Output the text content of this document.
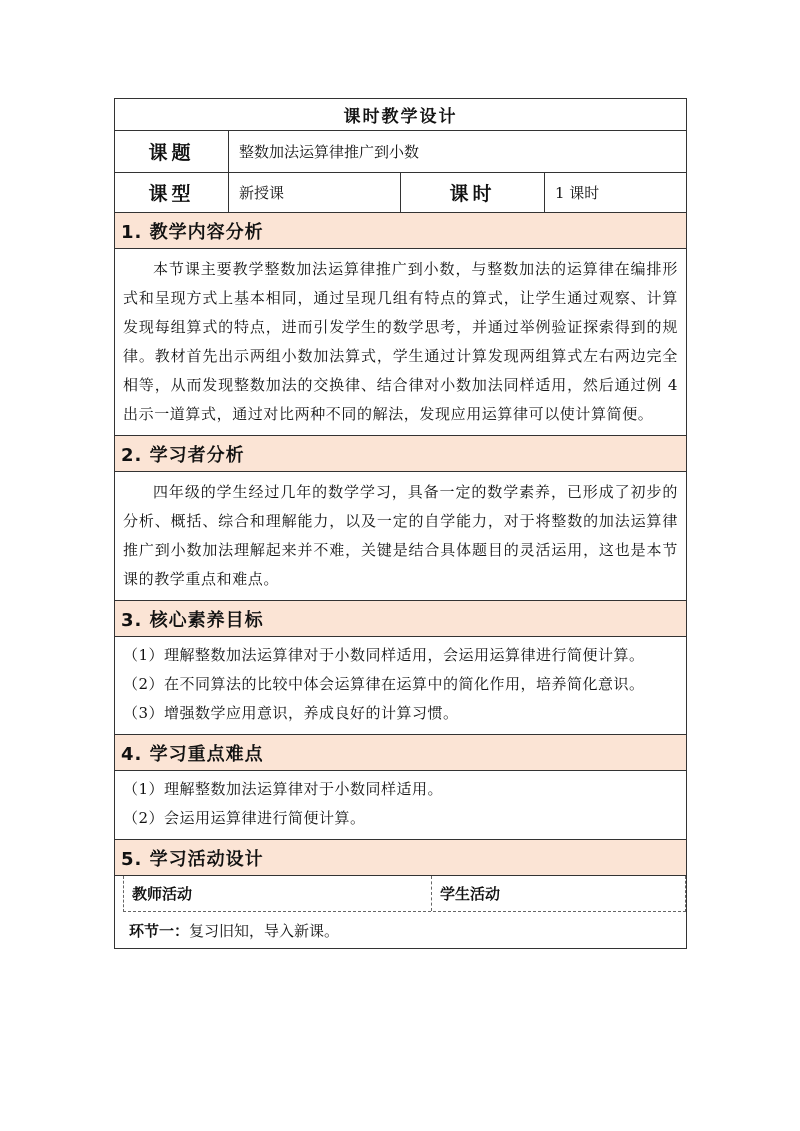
课时教学设计
课题	整数加法运算律推广到小数
课型	新授课	课时	1 课时
1. 教学内容分析

本节课主要教学整数加法运算律推广到小数，与整数加法的运算律在编排形式和呈现方式上基本相同，通过呈现几组有特点的算式，让学生通过观察、计算发现每组算式的特点，进而引发学生的数学思考，并通过举例验证探索得到的规律。教材首先出示两组小数加法算式，学生通过计算发现两组算式左右两边完全相等，从而发现整数加法的交换律、结合律对小数加法同样适用，然后通过例 4 出示一道算式，通过对比两种不同的解法，发现应用运算律可以使计算简便。

2. 学习者分析

四年级的学生经过几年的数学学习，具备一定的数学素养，已形成了初步的分析、概括、综合和理解能力，以及一定的自学能力，对于将整数的加法运算律推广到小数加法理解起来并不难，关键是结合具体题目的灵活运用，这也是本节课的教学重点和难点。

3. 核心素养目标

（1）理解整数加法运算律对于小数同样适用，会运用运算律进行简便计算。

（2）在不同算法的比较中体会运算律在运算中的简化作用，培养简化意识。

（3）增强数学应用意识，养成良好的计算习惯。

4. 学习重点难点

（1）理解整数加法运算律对于小数同样适用。

（2）会运用运算律进行简便计算。

5. 学习活动设计
教师活动	学生活动
环节一： 复习旧知，导入新课。
